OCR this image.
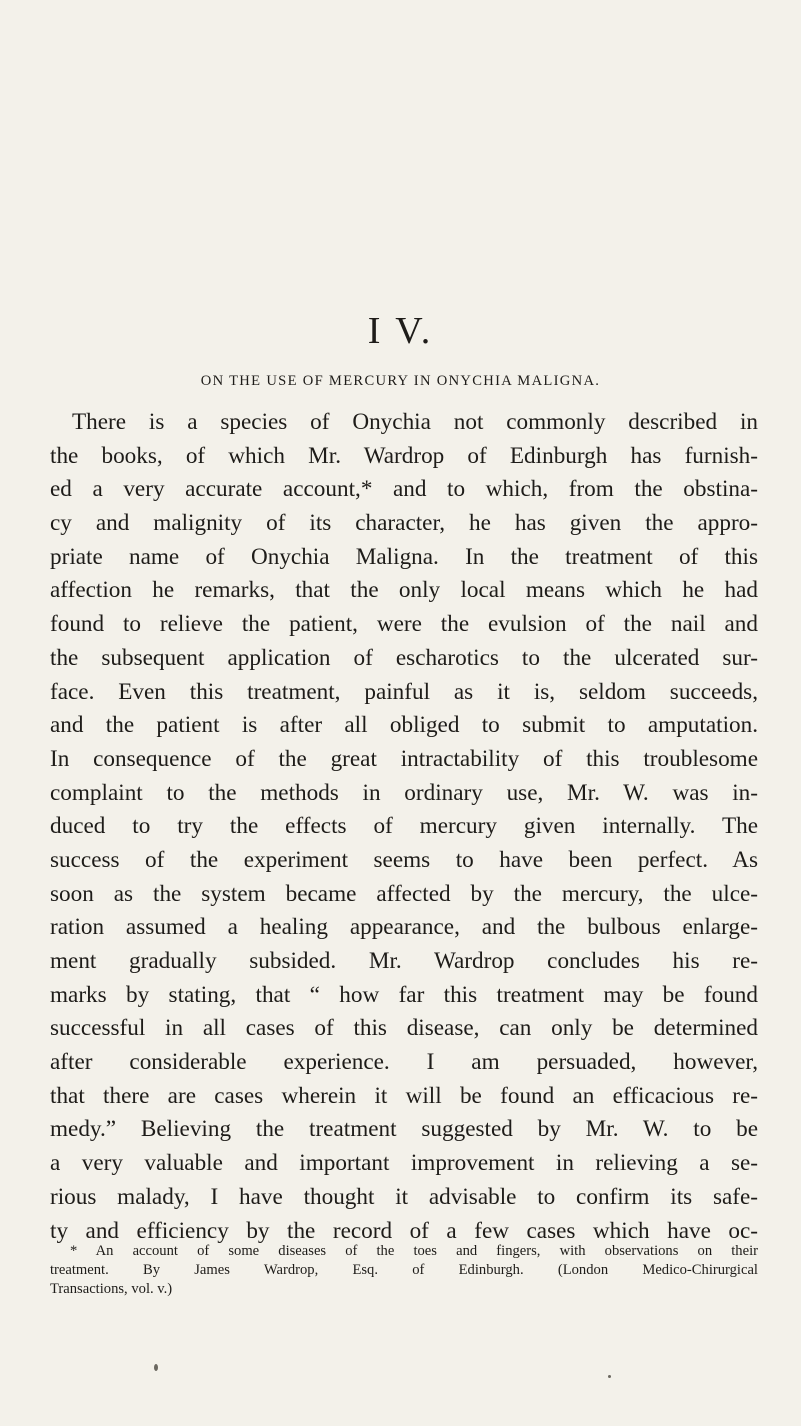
I V.
ON THE USE OF MERCURY IN ONYCHIA MALIGNA.
There is a species of Onychia not commonly described in
the books, of which Mr. Wardrop of Edinburgh has furnish-
ed a very accurate account,* and to which, from the obstina-
cy and malignity of its character, he has given the appro-
priate name of Onychia Maligna. In the treatment of this
affection he remarks, that the only local means which he had
found to relieve the patient, were the evulsion of the nail and
the subsequent application of escharotics to the ulcerated sur-
face. Even this treatment, painful as it is, seldom succeeds,
and the patient is after all obliged to submit to amputation.
In consequence of the great intractability of this troublesome
complaint to the methods in ordinary use, Mr. W. was in-
duced to try the effects of mercury given internally. The
success of the experiment seems to have been perfect. As
soon as the system became affected by the mercury, the ulce-
ration assumed a healing appearance, and the bulbous enlarge-
ment gradually subsided. Mr. Wardrop concludes his re-
marks by stating, that “ how far this treatment may be found
successful in all cases of this disease, can only be determined
after considerable experience. I am persuaded, however,
that there are cases wherein it will be found an efficacious re-
medy.” Believing the treatment suggested by Mr. W. to be
a very valuable and important improvement in relieving a se-
rious malady, I have thought it advisable to confirm its safe-
ty and efficiency by the record of a few cases which have oc-
* An account of some diseases of the toes and fingers, with observations on their
treatment. By James Wardrop, Esq. of Edinburgh. (London Medico-Chirurgical
Transactions, vol. v.)
